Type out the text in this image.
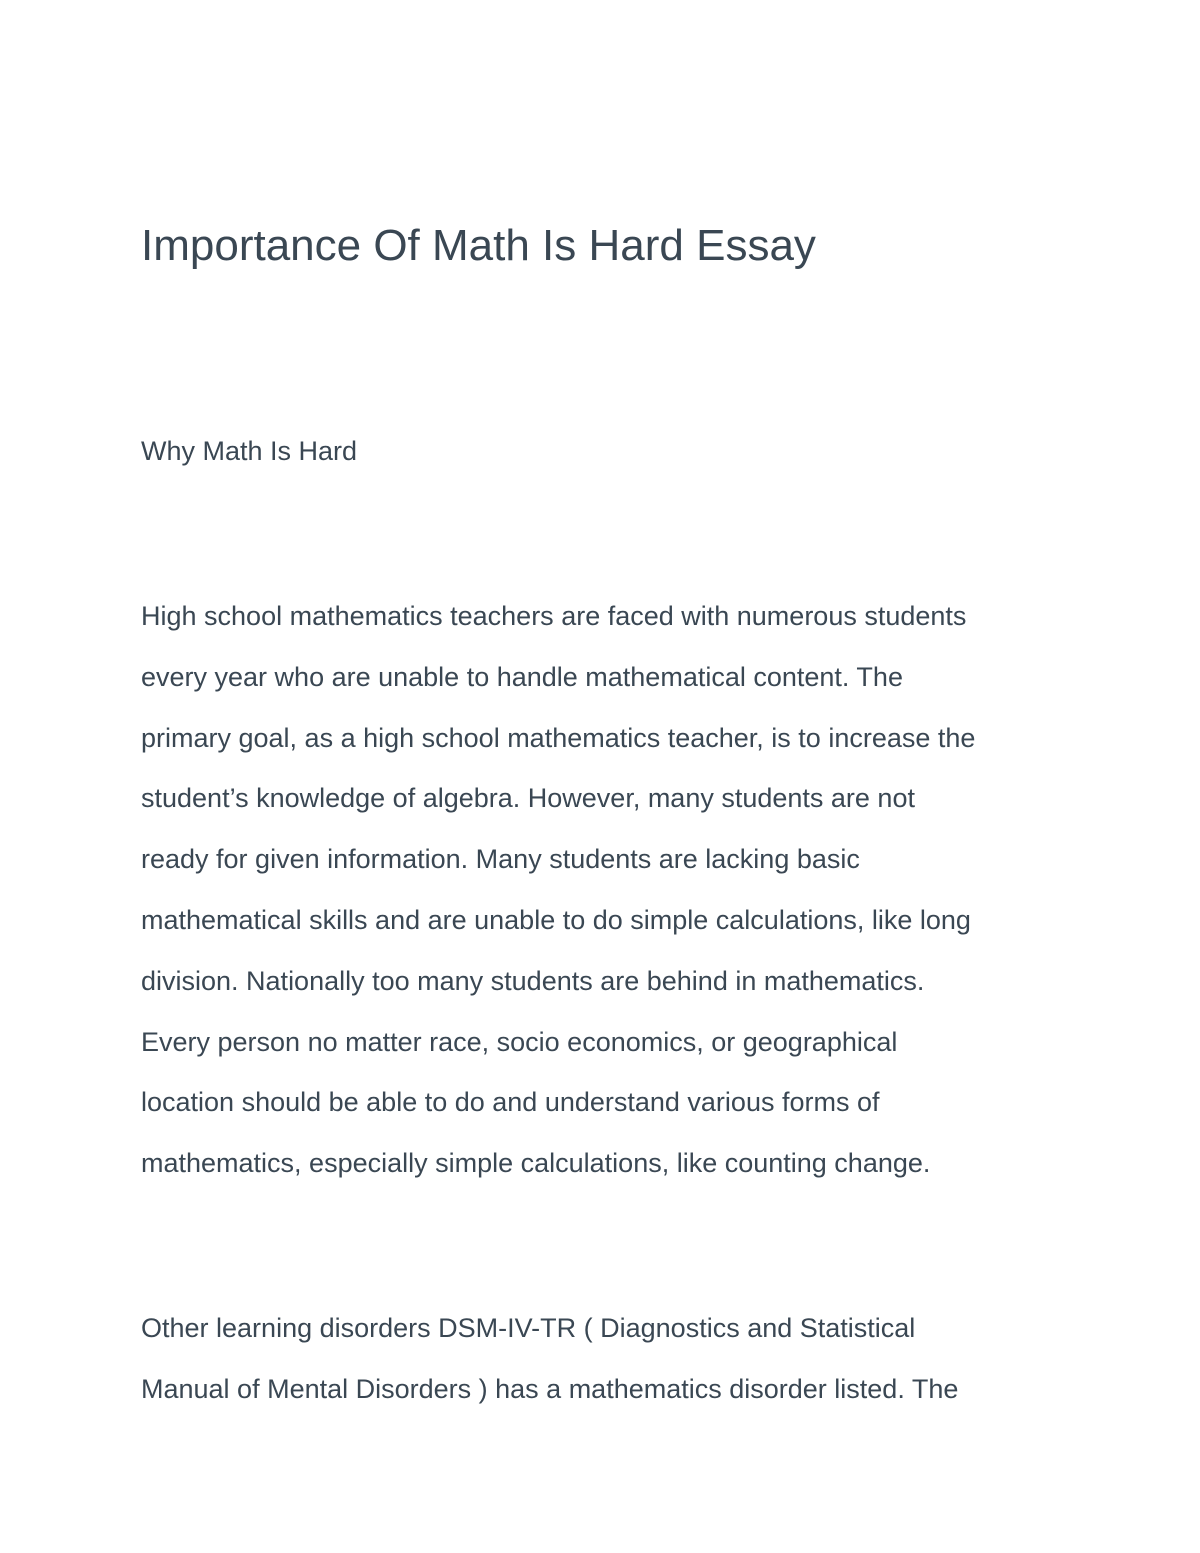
Importance Of Math Is Hard Essay
Why Math Is Hard
High school mathematics teachers are faced with numerous students
every year who are unable to handle mathematical content. The
primary goal, as a high school mathematics teacher, is to increase the
student’s knowledge of algebra. However, many students are not
ready for given information. Many students are lacking basic
mathematical skills and are unable to do simple calculations, like long
division. Nationally too many students are behind in mathematics.
Every person no matter race, socio economics, or geographical
location should be able to do and understand various forms of
mathematics, especially simple calculations, like counting change.
Other learning disorders DSM-IV-TR ( Diagnostics and Statistical
Manual of Mental Disorders ) has a mathematics disorder listed. The
